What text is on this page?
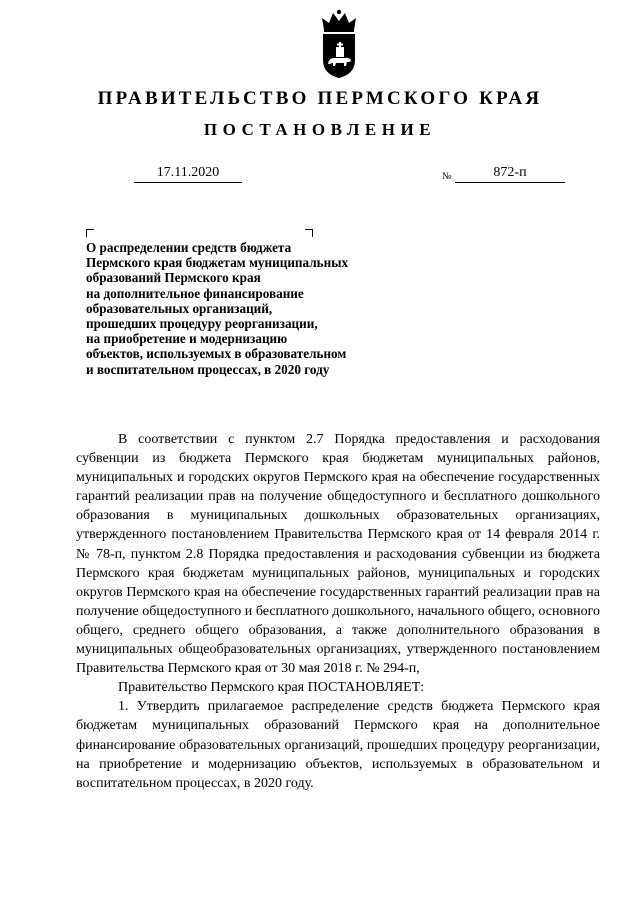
ПРАВИТЕЛЬСТВО ПЕРМСКОГО КРАЯ
ПОСТАНОВЛЕНИЕ
17.11.2020	№	872-п
О распределении средств бюджета
Пермского края бюджетам муниципальных
образований Пермского края
на дополнительное финансирование
образовательных организаций,
прошедших процедуру реорганизации,
на приобретение и модернизацию
объектов, используемых в образовательном
и воспитательном процессах, в 2020 году

В соответствии с пунктом 2.7 Порядка предоставления и расходования субвенции из бюджета Пермского края бюджетам муниципальных районов, муниципальных и городских округов Пермского края на обеспечение государственных гарантий реализации прав на получение общедоступного и бесплатного дошкольного образования в муниципальных дошкольных образовательных организациях, утвержденного постановлением Правительства Пермского края от 14 февраля 2014 г. № 78-п, пунктом 2.8 Порядка предоставления и расходования субвенции из бюджета Пермского края бюджетам муниципальных районов, муниципальных и городских округов Пермского края на обеспечение государственных гарантий реализации прав на получение общедоступного и бесплатного дошкольного, начального общего, основного общего, среднего общего образования, а также дополнительного образования в муниципальных общеобразовательных организациях, утвержденного постановлением Правительства Пермского края от 30 мая 2018 г. № 294-п,

Правительство Пермского края ПОСТАНОВЛЯЕТ:

1. Утвердить прилагаемое распределение средств бюджета Пермского края бюджетам муниципальных образований Пермского края на дополнительное финансирование образовательных организаций, прошедших процедуру реорганизации, на приобретение и модернизацию объектов, используемых в образовательном и воспитательном процессах, в 2020 году.
